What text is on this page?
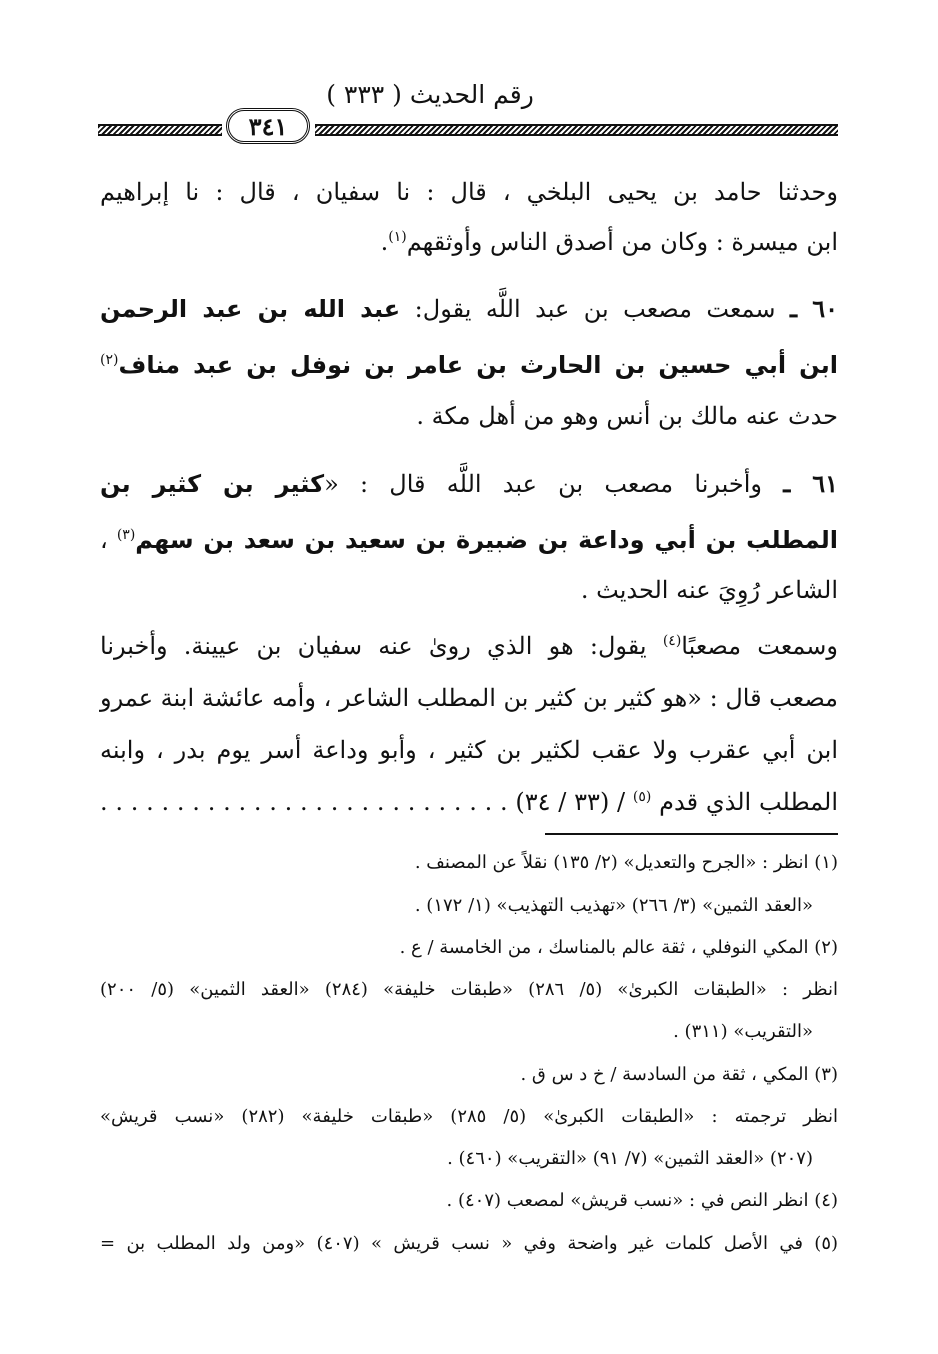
رقم الحديث ( ٣٣٣ )
٣٤١
وحدثنا حامد بن يحيى البلخي ، قال : نا سفيان ، قال : نا إبراهيم
ابن ميسرة : وكان من أصدق الناس وأوثقهم$^{(١)}$.
٦٠ ـ سمعت مصعب بن عبد اللَّه يقول: عبد الله بن عبد الرحمن
ابن أبي حسين بن الحارث بن عامر بن نوفل بن عبد مناف$^{(٢)}$
حدث عنه مالك بن أنس وهو من أهل مكة .
٦١ ـ وأخبرنا مصعب بن عبد اللَّه قال : «كثير بن كثير بن
المطلب بن أبي وداعة بن ضبيرة بن سعيد بن سعد بن سهم$^{(٣)}$ ،
الشاعر رُوِيَ عنه الحديث .
وسمعت مصعبًا$^{(٤)}$ يقول: هو الذي روىٰ عنه سفيان بن عيينة. وأخبرنا
مصعب قال : «هو كثير بن كثير بن المطلب الشاعر ، وأمه عائشة ابنة عمرو
ابن أبي عقرب ولا عقب لكثير بن كثير ، وأبو وداعة أسر يوم بدر ، وابنه
المطلب الذي قدم $^{(٥)}$ / (٣٣ / ٣٤) . . . . . . . . . . . . . . . . . . . . . . . . . . .
(١) انظر : «الجرح والتعديل» (٢/ ١٣٥) نقلاً عن المصنف .
«العقد الثمين» (٣/ ٢٦٦) «تهذيب التهذيب» (١/ ١٧٢) .
(٢) المكي النوفلي ، ثقة عالم بالمناسك ، من الخامسة / ع .
انظر : «الطبقات الكبرىٰ» (٥/ ٢٨٦) «طبقات خليفة» (٢٨٤) «العقد الثمين» (٥/ ٢٠٠)
«التقريب» (٣١١) .
(٣) المكي ، ثقة من السادسة / خ د س ق .
انظر ترجمته : «الطبقات الكبرىٰ» (٥/ ٢٨٥) «طبقات خليفة» (٢٨٢) «نسب قريش»
(٢٠٧) «العقد الثمين» (٧/ ٩١) «التقريب» (٤٦٠) .
(٤) انظر النص في : «نسب قريش» لمصعب (٤٠٧) .
(٥) في الأصل كلمات غير واضحة وفي « نسب قريش » (٤٠٧) «ومن ولد المطلب بن =
